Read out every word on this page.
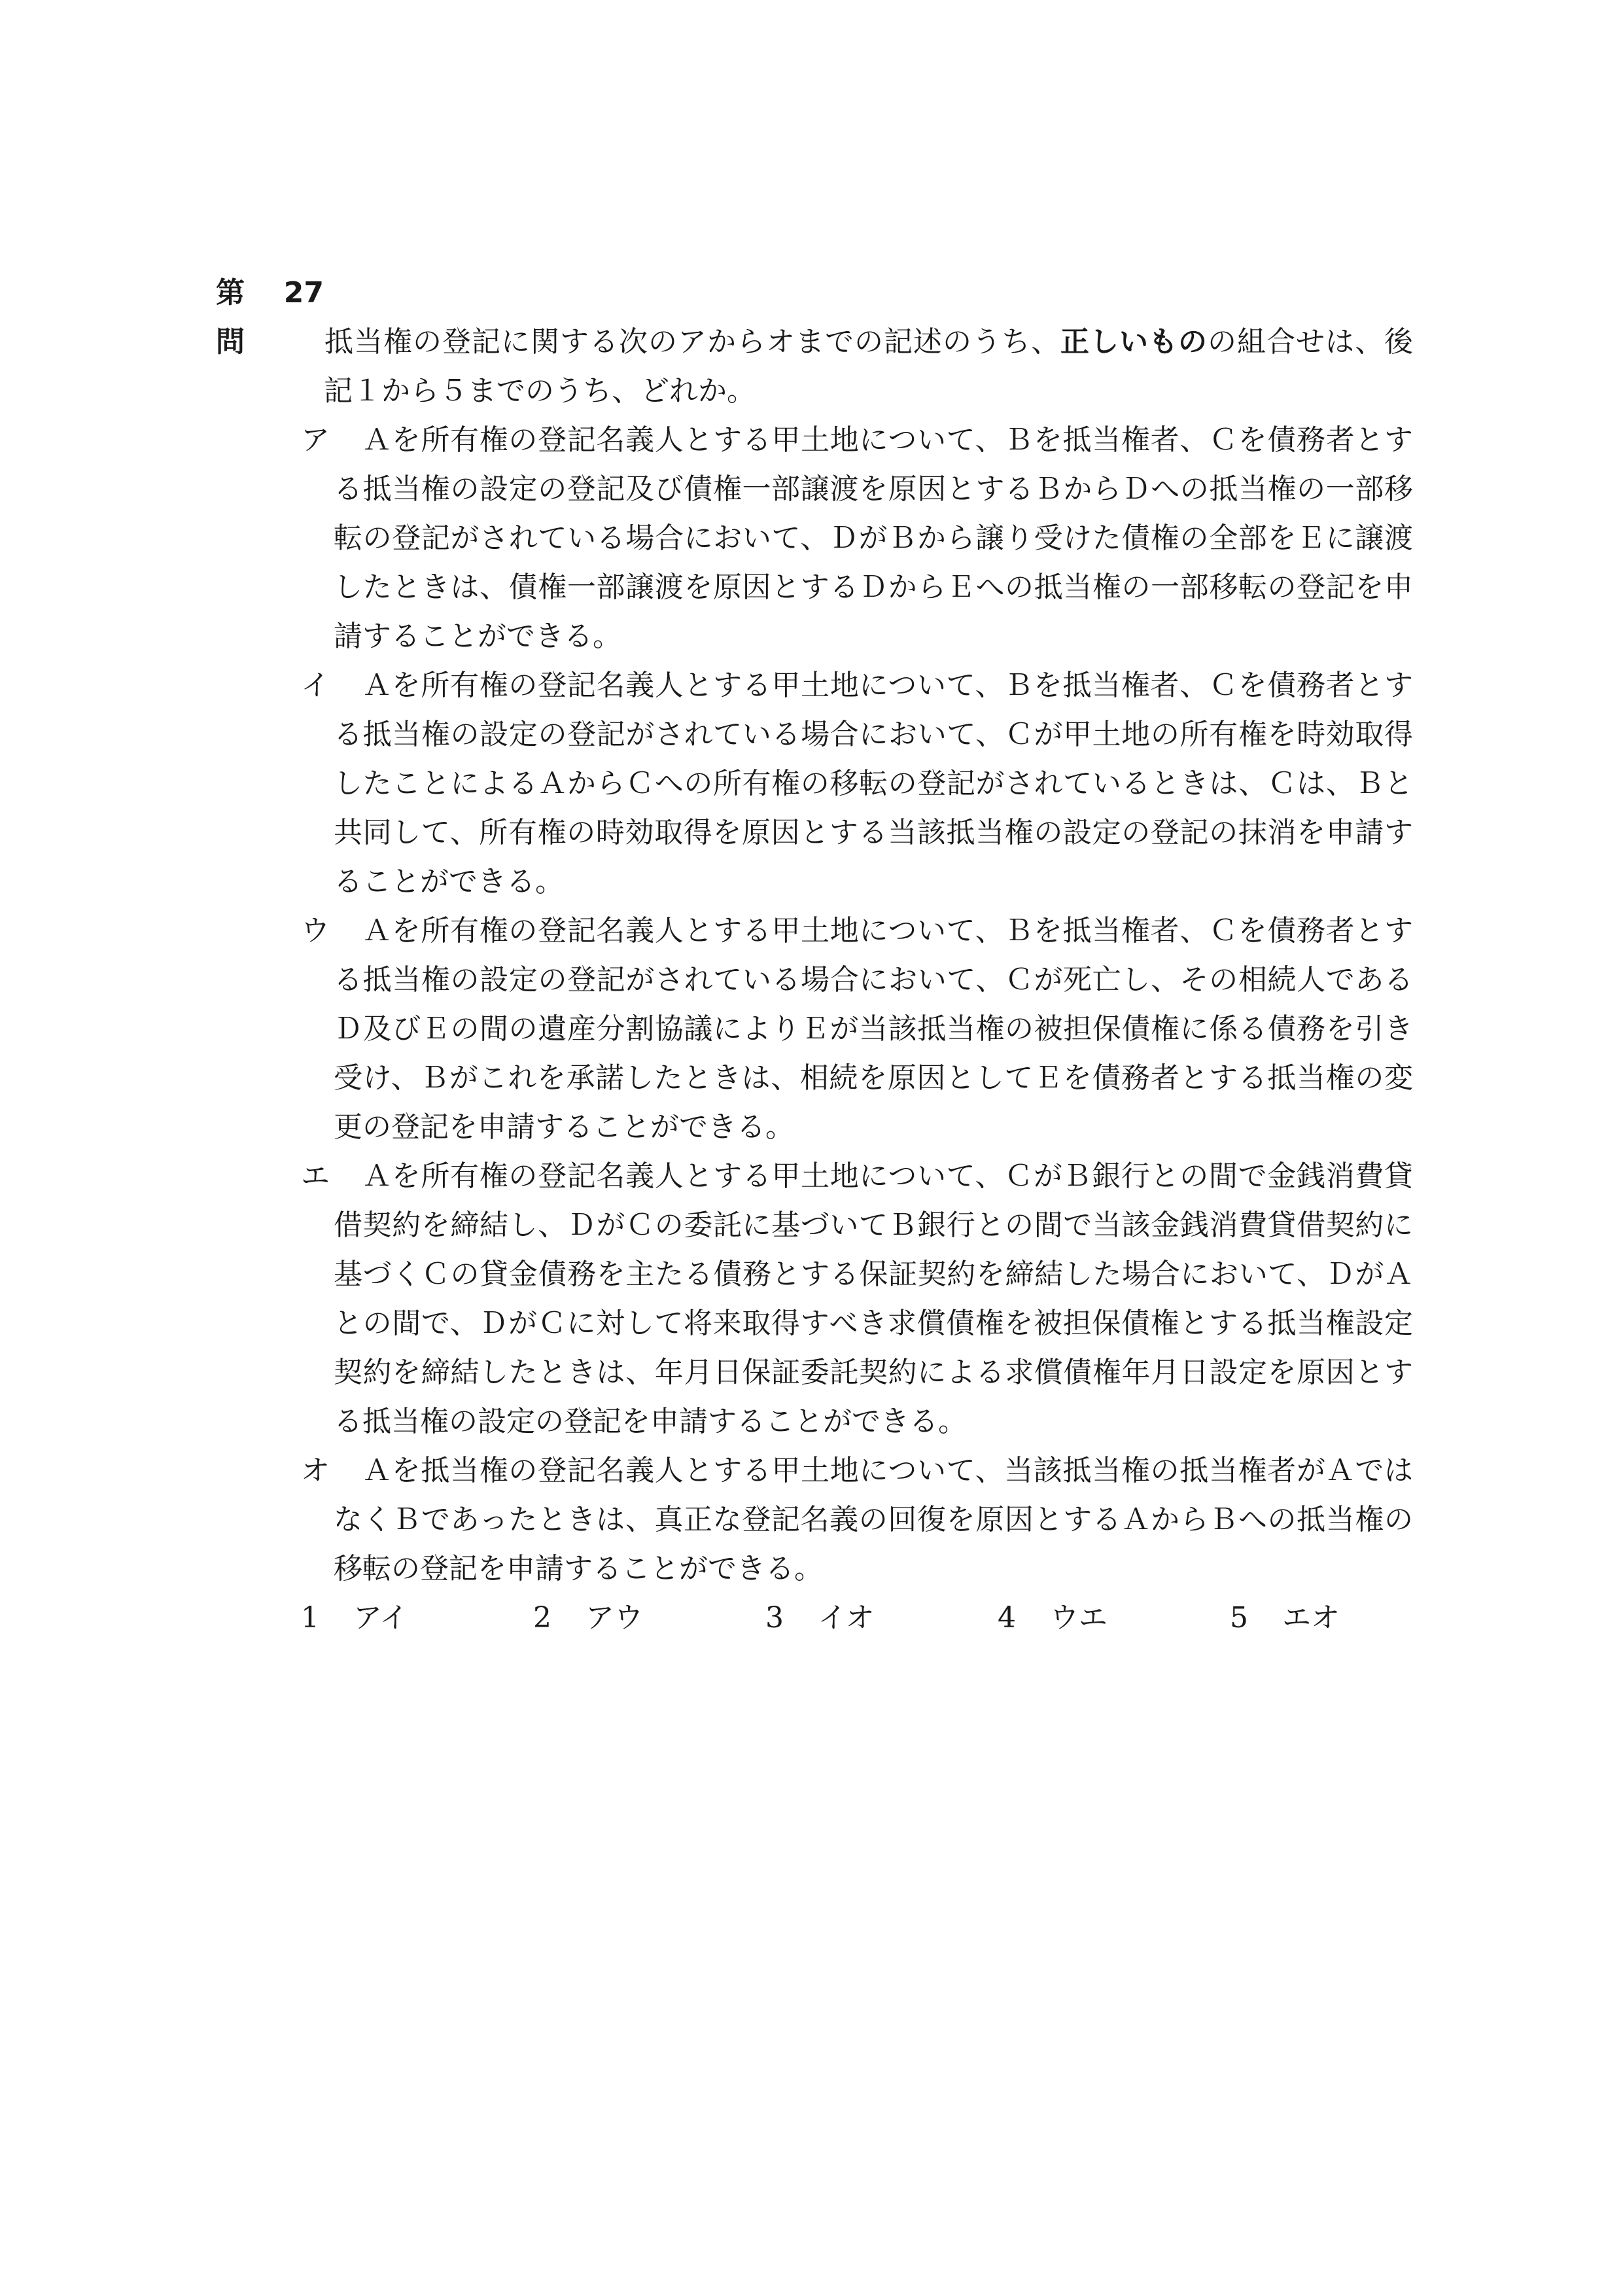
第 27 問	抵当権の登記に関する次のアからオまでの記述のうち、正しいものの組合せは、後記１から５までのうち、どれか。
ア	Ａを所有権の登記名義人とする甲土地について、Ｂを抵当権者、Ｃを債務者とする抵当権の設定の登記及び債権一部譲渡を原因とするＢからＤへの抵当権の一部移転の登記がされている場合において、ＤがＢから譲り受けた債権の全部をＥに譲渡したときは、債権一部譲渡を原因とするＤからＥへの抵当権の一部移転の登記を申請することができる。
イ	Ａを所有権の登記名義人とする甲土地について、Ｂを抵当権者、Ｃを債務者とする抵当権の設定の登記がされている場合において、Ｃが甲土地の所有権を時効取得したことによるＡからＣへの所有権の移転の登記がされているときは、Ｃは、Ｂと共同して、所有権の時効取得を原因とする当該抵当権の設定の登記の抹消を申請することができる。
ウ	Ａを所有権の登記名義人とする甲土地について、Ｂを抵当権者、Ｃを債務者とする抵当権の設定の登記がされている場合において、Ｃが死亡し、その相続人であるＤ及びＥの間の遺産分割協議によりＥが当該抵当権の被担保債権に係る債務を引き受け、Ｂがこれを承諾したときは、相続を原因としてＥを債務者とする抵当権の変更の登記を申請することができる。
エ	Ａを所有権の登記名義人とする甲土地について、ＣがＢ銀行との間で金銭消費貸借契約を締結し、ＤがＣの委託に基づいてＢ銀行との間で当該金銭消費貸借契約に基づくＣの貸金債務を主たる債務とする保証契約を締結した場合において、ＤがＡとの間で、ＤがＣに対して将来取得すべき求償債権を被担保債権とする抵当権設定契約を締結したときは、年月日保証委託契約による求償債権年月日設定を原因とする抵当権の設定の登記を申請することができる。
オ	Ａを抵当権の登記名義人とする甲土地について、当該抵当権の抵当権者がＡではなくＢであったときは、真正な登記名義の回復を原因とするＡからＢへの抵当権の移転の登記を申請することができる。
1 アイ	2 アウ	3 イオ	4 ウエ	5 エオ
